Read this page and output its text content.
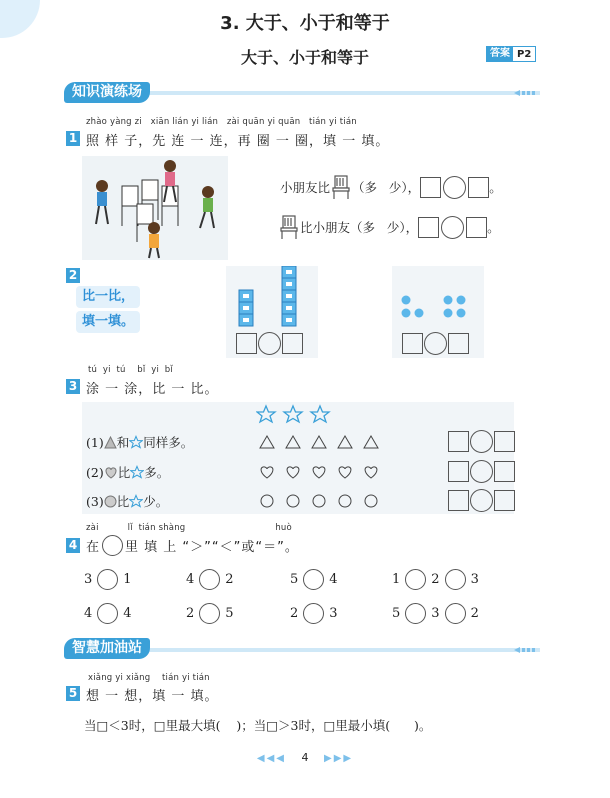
3. 大于、小于和等于
大于、小于和等于	答案 P2
知识演练场
zhào yàng zi   xiān lián yi lián   zài quān yi quān   tián yi tián
1 照 样 子，先 连 一 连，再 圈 一 圈，填 一 填。
小朋友比 （多   少），	。
比小朋友（多   少），	。
2
比一比，
填一填。
tú  yi  tú    bǐ  yi  bǐ
3 涂 一 涂，比 一 比。
(1) 和 同样多。
(2) 比 多。
(3) 比 少。
zài          lǐ  tián shàng                               huò
4 在 里 填 上 “＞”“＜”或“＝”。
3 1	4 2	5 4	1 2 3
4 4	2 5	2 3	5 3 2
智慧加油站
xiǎng yi xiǎng    tián yi tián
5 想 一 想，填 一 填。
当□＜3时，□里最大填(    )；当□＞3时，□里最小填(      )。
◀◀◀ 4 ▶▶▶
